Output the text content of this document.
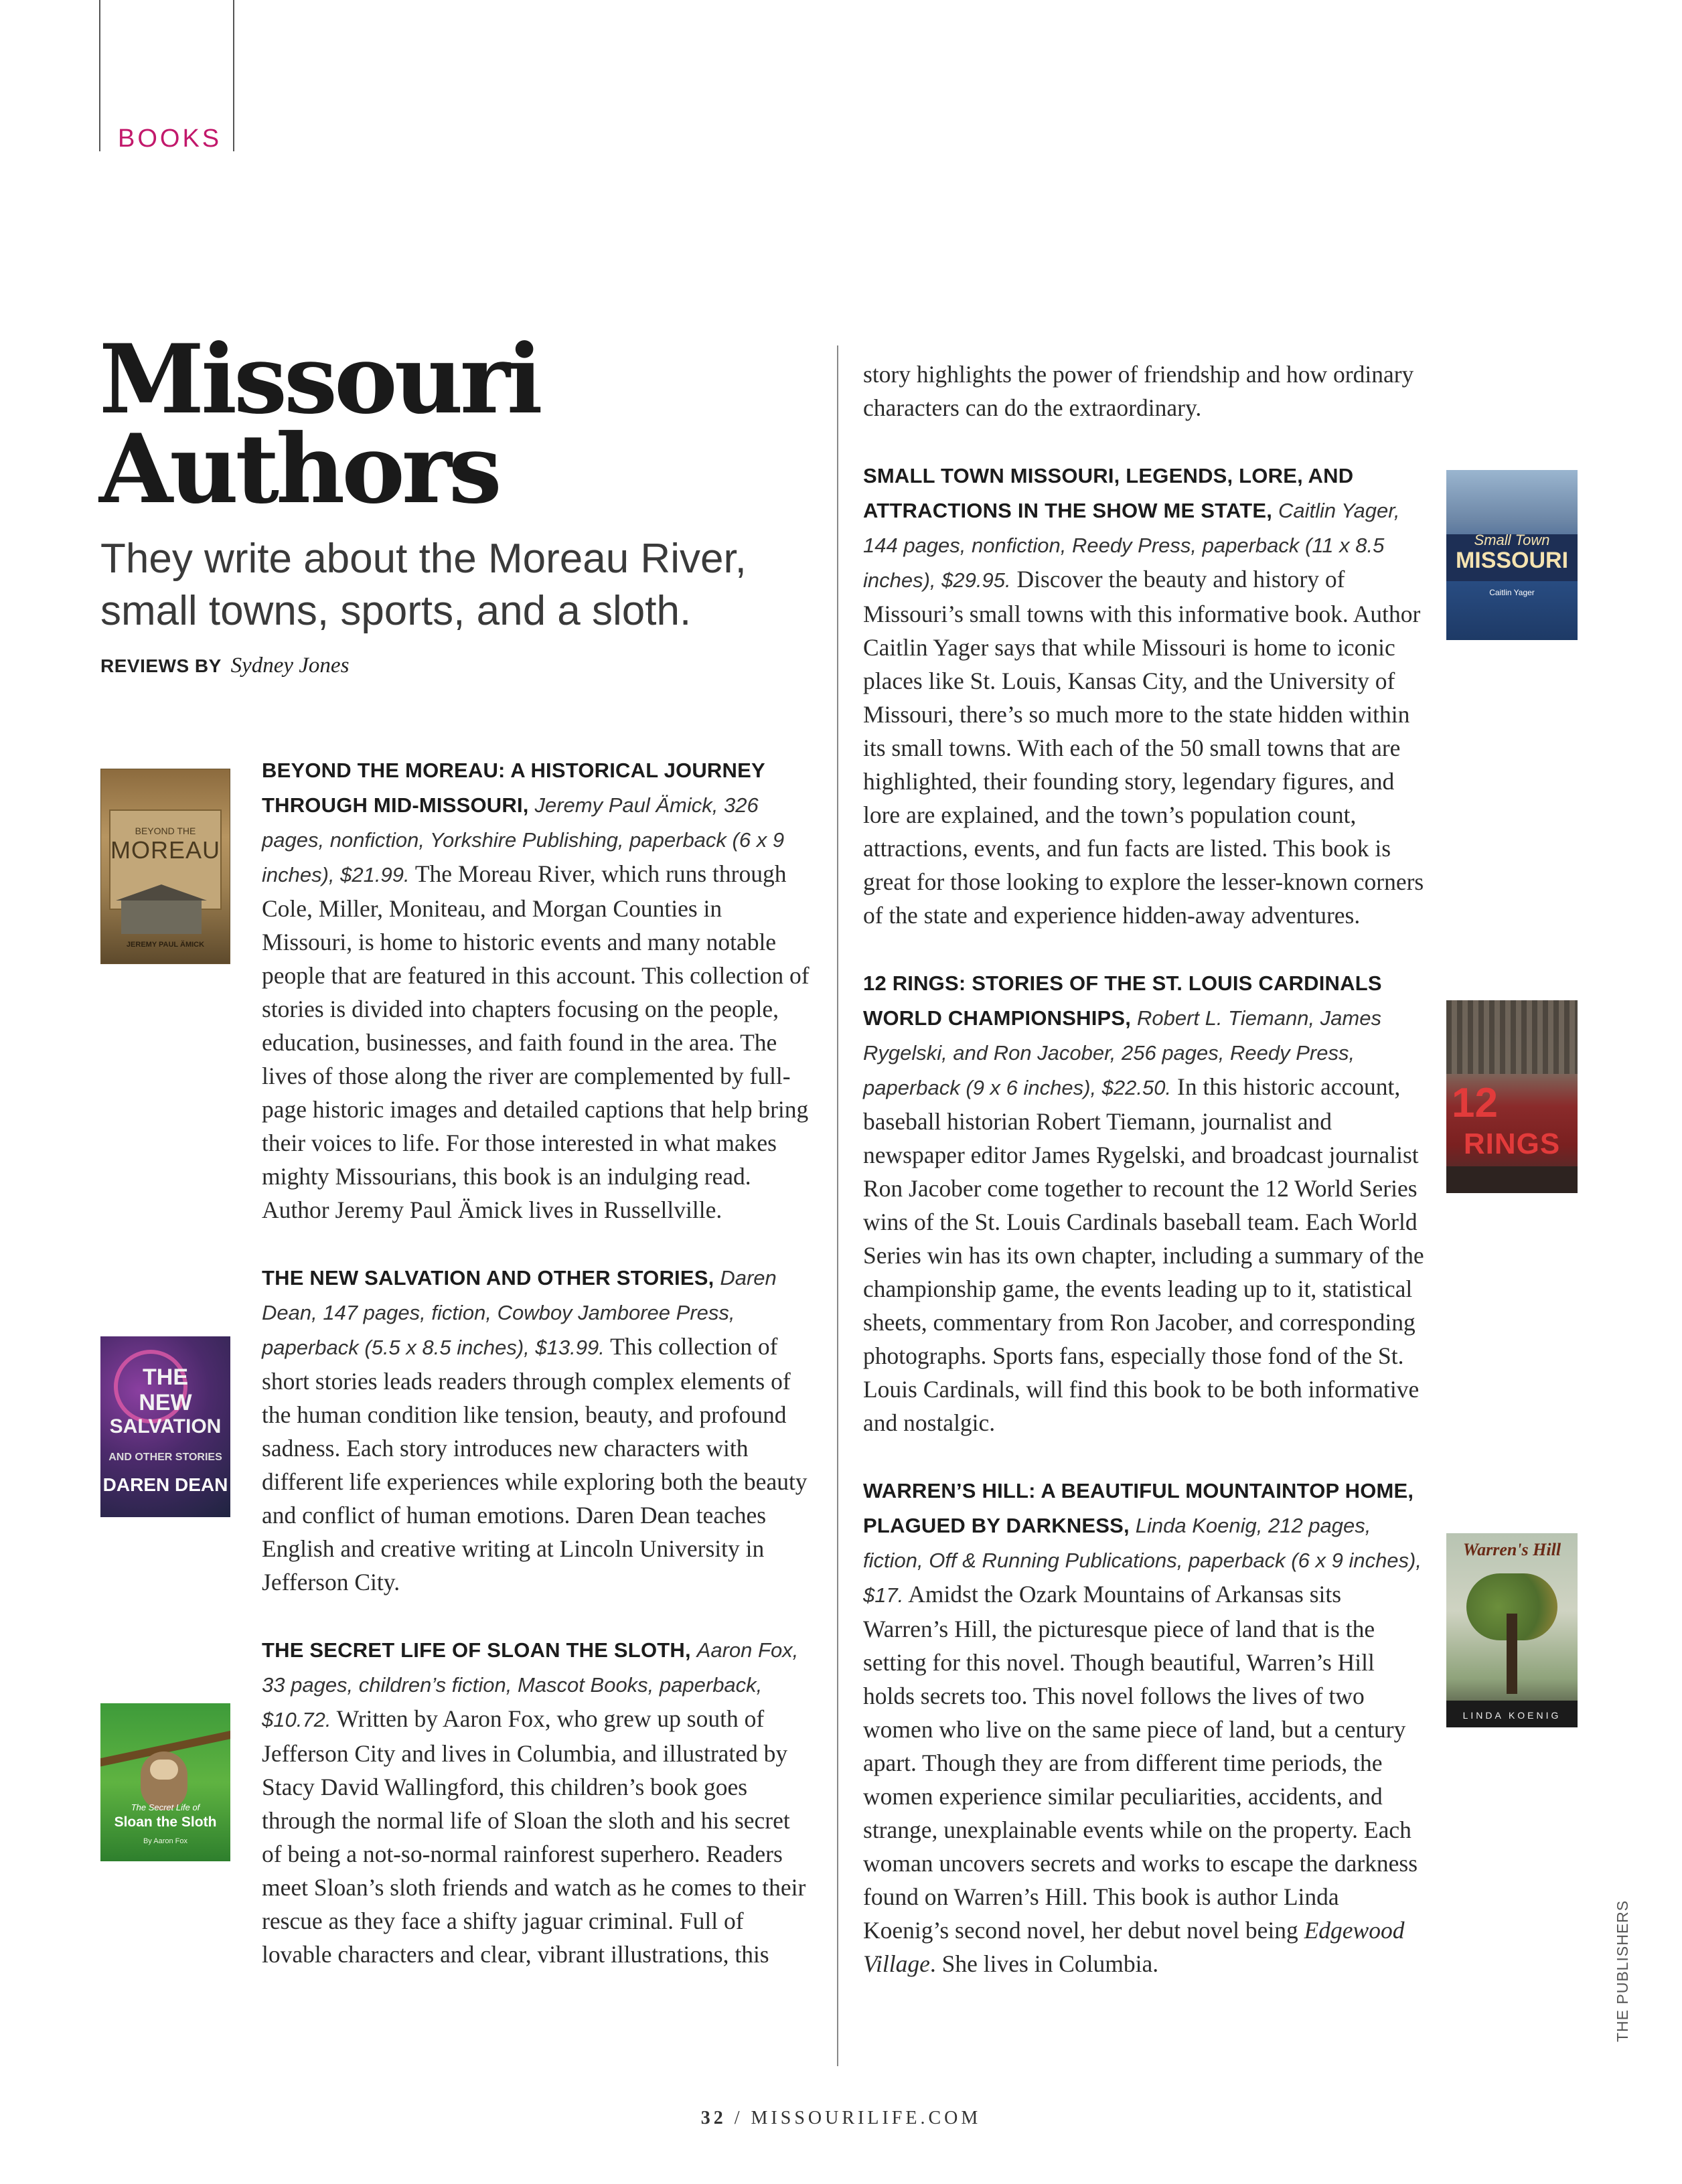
BOOKS
Missouri Authors
They write about the Moreau River, small towns, sports, and a sloth.
REVIEWS BY Sydney Jones
BEYOND THE
MOREAU
JEREMY PAUL ÄMICK
THE
NEW
SALVATION
AND OTHER STORIES
DAREN DEAN
The Secret Life of
Sloan the Sloth
By Aaron Fox

BEYOND THE MOREAU: A HISTORICAL JOURNEY THROUGH MID-MISSOURI, Jeremy Paul Ämick, 326 pages, nonfiction, Yorkshire Publishing, paperback (6 x 9 inches), $21.99. The Moreau River, which runs through Cole, Miller, Moniteau, and Morgan Counties in Missouri, is home to historic events and many notable people that are featured in this account. This collection of stories is divided into chapters focusing on the people, education, businesses, and faith found in the area. The lives of those along the river are complemented by full-page historic images and detailed captions that help bring their voices to life. For those interested in what makes mighty Missourians, this book is an indulging read. Author Jeremy Paul Ämick lives in Russellville.

THE NEW SALVATION AND OTHER STORIES, Daren Dean, 147 pages, fiction, Cowboy Jamboree Press, paperback (5.5 x 8.5 inches), $13.99. This collection of short stories leads readers through complex elements of the human condition like tension, beauty, and profound sadness. Each story introduces new characters with different life experiences while exploring both the beauty and conflict of human emotions. Daren Dean teaches English and creative writing at Lincoln University in Jefferson City.

THE SECRET LIFE OF SLOAN THE SLOTH, Aaron Fox, 33 pages, children’s fiction, Mascot Books, paperback, $10.72. Written by Aaron Fox, who grew up south of Jefferson City and lives in Columbia, and illustrated by Stacy David Wallingford, this children’s book goes through the normal life of Sloan the sloth and his secret of being a not-so-normal rainforest superhero. Readers meet Sloan’s sloth friends and watch as he comes to their rescue as they face a shifty jaguar criminal. Full of lovable characters and clear, vibrant illustrations, this

story highlights the power of friendship and how ordinary characters can do the extraordinary.

SMALL TOWN MISSOURI, LEGENDS, LORE, AND ATTRACTIONS IN THE SHOW ME STATE, Caitlin Yager, 144 pages, nonfiction, Reedy Press, paperback (11 x 8.5 inches), $29.95. Discover the beauty and history of Missouri’s small towns with this informative book. Author Caitlin Yager says that while Missouri is home to iconic places like St. Louis, Kansas City, and the University of Missouri, there’s so much more to the state hidden within its small towns. With each of the 50 small towns that are highlighted, their founding story, legendary figures, and lore are explained, and the town’s population count, attractions, events, and fun facts are listed. This book is great for those looking to explore the lesser-known corners of the state and experience hidden-away adventures.

12 RINGS: STORIES OF THE ST. LOUIS CARDINALS WORLD CHAMPIONSHIPS, Robert L. Tiemann, James Rygelski, and Ron Jacober, 256 pages, Reedy Press, paperback (9 x 6 inches), $22.50. In this historic account, baseball historian Robert Tiemann, journalist and newspaper editor James Rygelski, and broadcast journalist Ron Jacober come together to recount the 12 World Series wins of the St. Louis Cardinals baseball team. Each World Series win has its own chapter, including a summary of the championship game, the events leading up to it, statistical sheets, commentary from Ron Jacober, and corresponding photographs. Sports fans, especially those fond of the St. Louis Cardinals, will find this book to be both informative and nostalgic.

WARREN’S HILL: A BEAUTIFUL MOUNTAINTOP HOME, PLAGUED BY DARKNESS, Linda Koenig, 212 pages, fiction, Off & Running Publications, paperback (6 x 9 inches), $17. Amidst the Ozark Mountains of Arkansas sits Warren’s Hill, the picturesque piece of land that is the setting for this novel. Though beautiful, Warren’s Hill holds secrets too. This novel follows the lives of two women who live on the same piece of land, but a century apart. Though they are from different time periods, the women experience similar peculiarities, accidents, and strange, unexplainable events while on the property. Each woman uncovers secrets and works to escape the darkness found on Warren’s Hill. This book is author Linda Koenig’s second novel, her debut novel being Edgewood Village. She lives in Columbia.

Small Town
MISSOURI
Caitlin Yager
12
RINGS
Warren's Hill
LINDA KOENIG
32 / MISSOURILIFE.COM
THE PUBLISHERS
